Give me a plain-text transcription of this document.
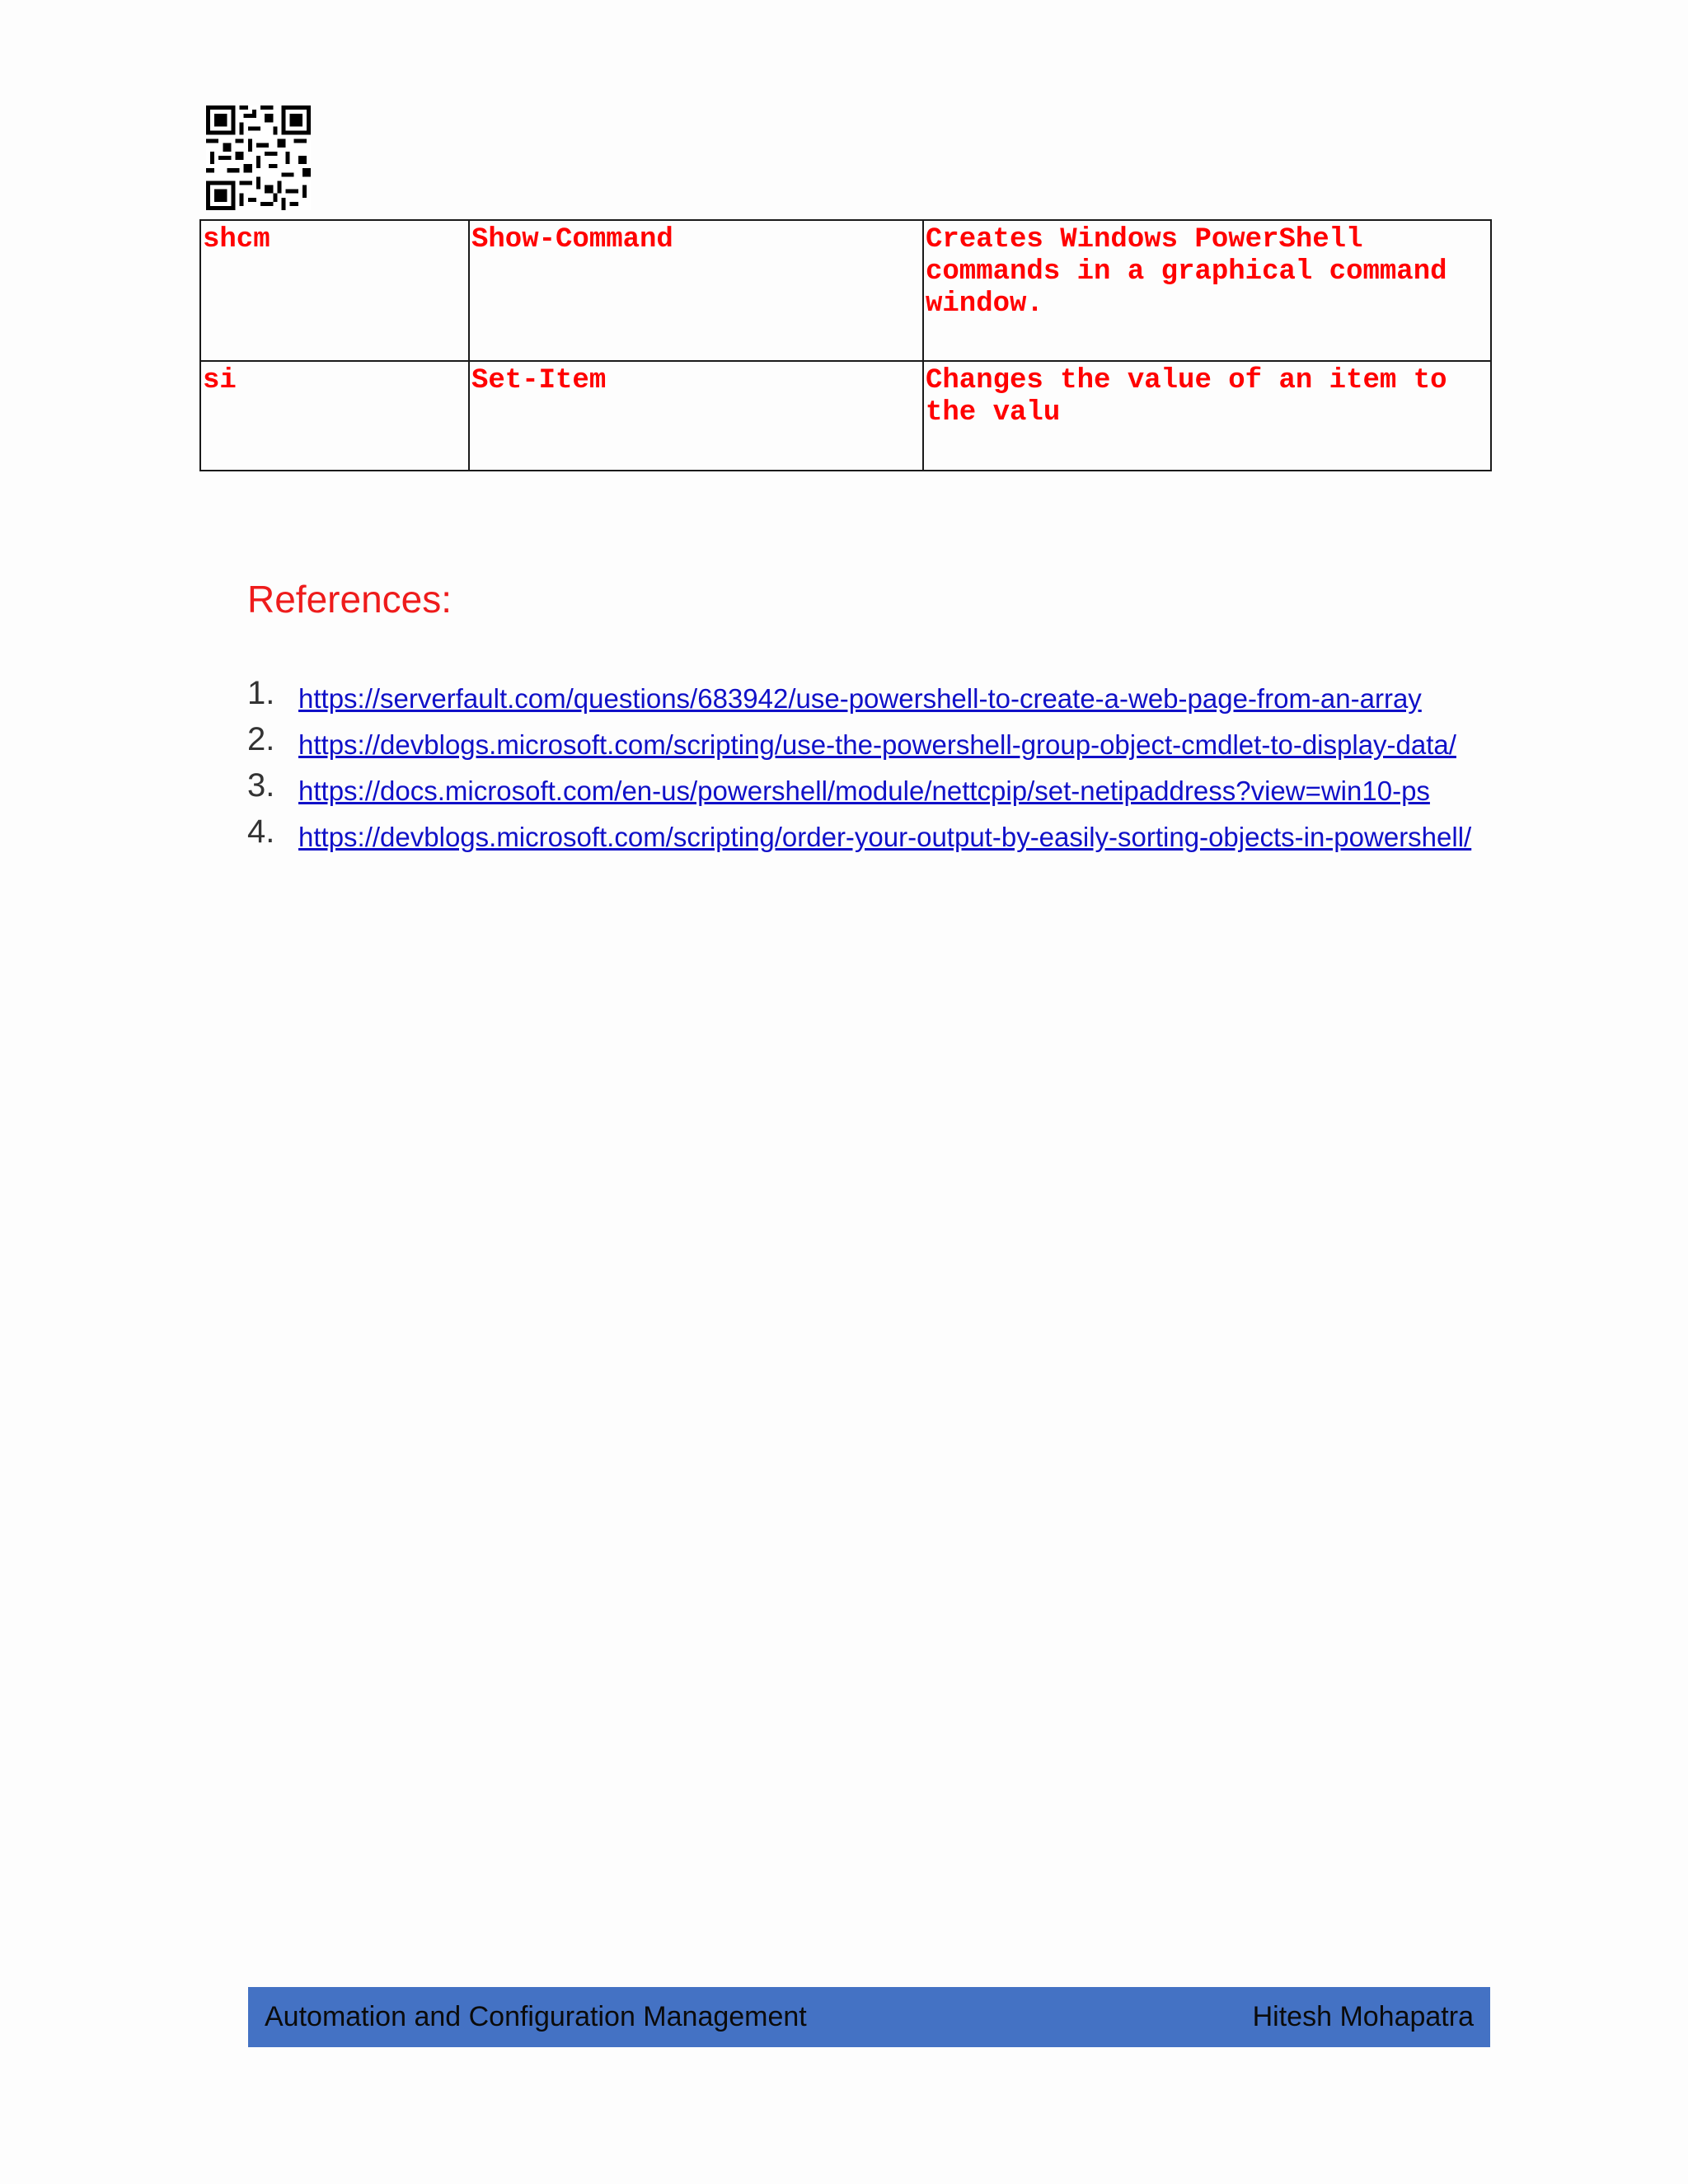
shcm	Show-Command	Creates Windows PowerShell commands in a graphical command window.
si	Set-Item	Changes the value of an item to the valu
References:
1. https://serverfault.com/questions/683942/use-powershell-to-create-a-web-page-from-an-array
2. https://devblogs.microsoft.com/scripting/use-the-powershell-group-object-cmdlet-to-display-data/
3. https://docs.microsoft.com/en-us/powershell/module/nettcpip/set-netipaddress?view=win10-ps
4. https://devblogs.microsoft.com/scripting/order-your-output-by-easily-sorting-objects-in-powershell/
Automation and Configuration Management	Hitesh Mohapatra
